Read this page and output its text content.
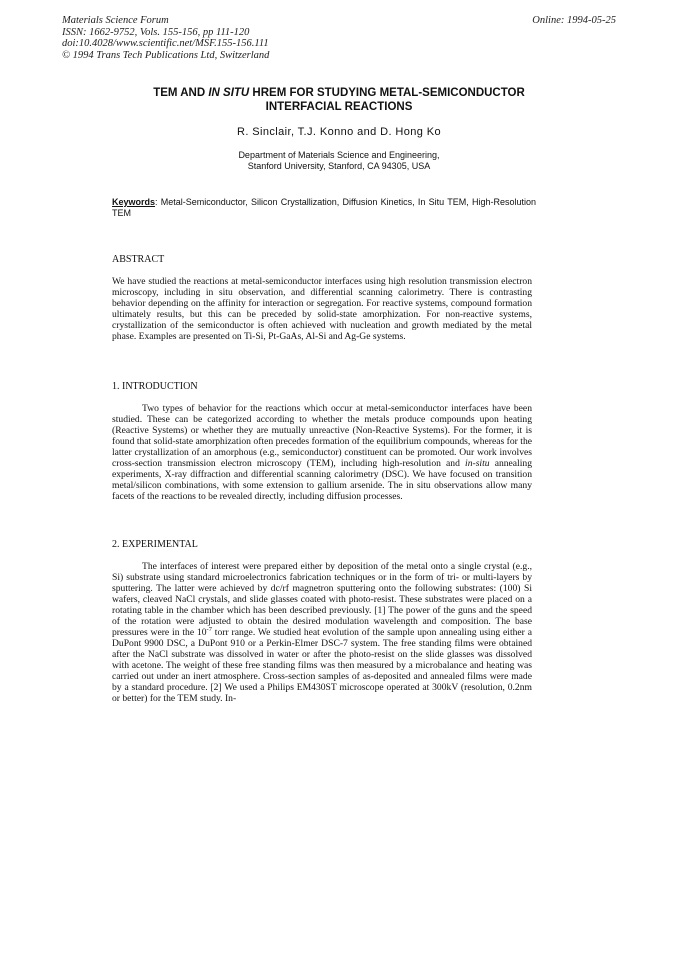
Materials Science Forum
ISSN: 1662-9752, Vols. 155-156, pp 111-120
doi:10.4028/www.scientific.net/MSF.155-156.111
© 1994 Trans Tech Publications Ltd, Switzerland
Online: 1994-05-25
TEM AND IN SITU HREM FOR STUDYING METAL-SEMICONDUCTOR
INTERFACIAL REACTIONS
R. Sinclair, T.J. Konno and D. Hong Ko
Department of Materials Science and Engineering,
Stanford University, Stanford, CA 94305, USA
Keywords: Metal-Semiconductor, Silicon Crystallization, Diffusion Kinetics, In Situ TEM, High-Resolution TEM
ABSTRACT

We have studied the reactions at metal-semiconductor interfaces using high resolution transmission electron microscopy, including in situ observation, and differential scanning calorimetry. There is contrasting behavior depending on the affinity for interaction or segregation. For reactive systems, compound formation ultimately results, but this can be preceded by solid-state amorphization. For non-reactive systems, crystallization of the semiconductor is often achieved with nucleation and growth mediated by the metal phase. Examples are presented on Ti-Si, Pt-GaAs, Al-Si and Ag-Ge systems.

1. INTRODUCTION

Two types of behavior for the reactions which occur at metal-semiconductor interfaces have been studied. These can be categorized according to whether the metals produce compounds upon heating (Reactive Systems) or whether they are mutually unreactive (Non-Reactive Systems). For the former, it is found that solid-state amorphization often precedes formation of the equilibrium compounds, whereas for the latter crystallization of an amorphous (e.g., semiconductor) constituent can be promoted. Our work involves cross-section transmission electron microscopy (TEM), including high-resolution and in-situ annealing experiments, X-ray diffraction and differential scanning calorimetry (DSC). We have focused on transition metal/silicon combinations, with some extension to gallium arsenide. The in situ observations allow many facets of the reactions to be revealed directly, including diffusion processes.

2. EXPERIMENTAL

The interfaces of interest were prepared either by deposition of the metal onto a single crystal (e.g., Si) substrate using standard microelectronics fabrication techniques or in the form of tri- or multi-layers by sputtering. The latter were achieved by dc/rf magnetron sputtering onto the following substrates: (100) Si wafers, cleaved NaCl crystals, and slide glasses coated with photo-resist. These substrates were placed on a rotating table in the chamber which has been described previously. [1] The power of the guns and the speed of the rotation were adjusted to obtain the desired modulation wavelength and composition. The base pressures were in the $10^{-7}$ torr range. We studied heat evolution of the sample upon annealing using either a DuPont 9900 DSC, a DuPont 910 or a Perkin-Elmer DSC-7 system. The free standing films were obtained after the NaCl substrate was dissolved in water or after the photo-resist on the slide glasses was dissolved with acetone. The weight of these free standing films was then measured by a microbalance and heating was carried out under an inert atmosphere. Cross-section samples of as-deposited and annealed films were made by a standard procedure. [2] We used a Philips EM430ST microscope operated at 300kV (resolution, 0.2nm or better) for the TEM study. In-
